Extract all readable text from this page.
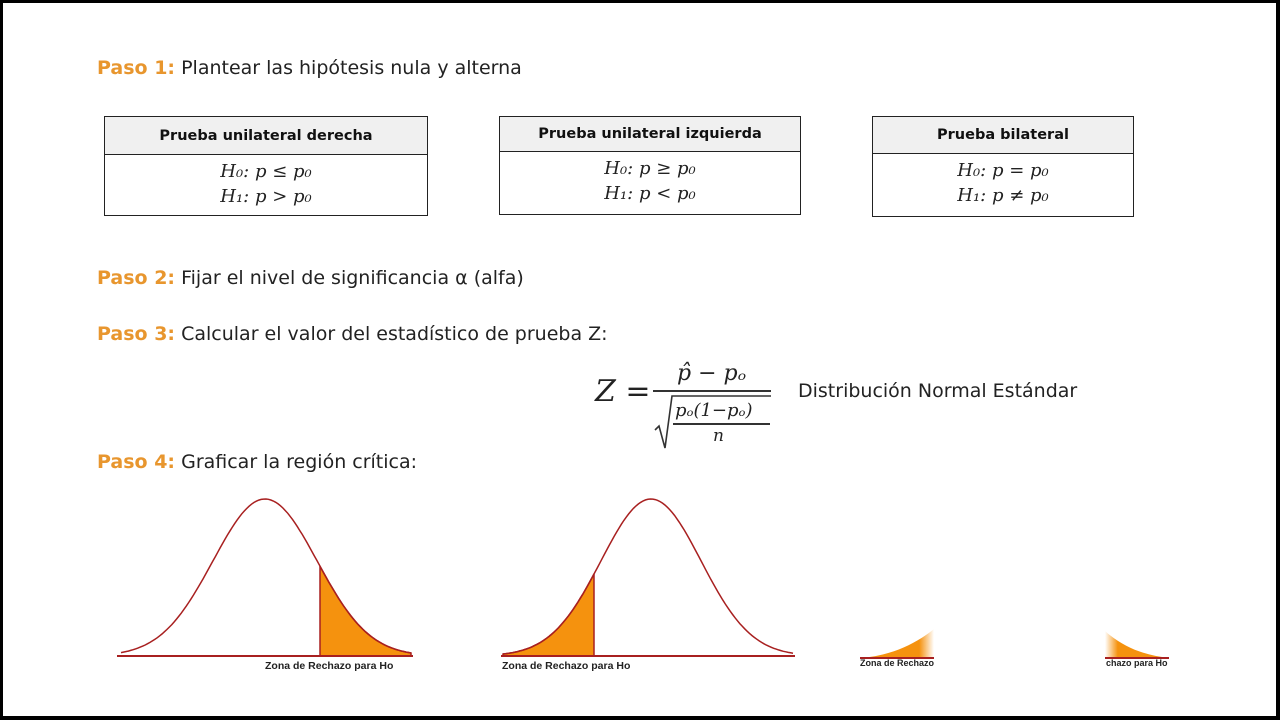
Paso 1: Plantear las hipótesis nula y alterna
Prueba unilateral derecha
H₀: p ≤ p₀
H₁: p > p₀
Prueba unilateral izquierda
H₀: p ≥ p₀
H₁: p < p₀
Prueba bilateral
H₀: p = p₀
H₁: p ≠ p₀
Paso 2: Fijar el nivel de significancia α (alfa)
Paso 3: Calcular el valor del estadístico de prueba Z:
Z =
p̂ − pₒ
pₒ(1−pₒ)
n
Distribución Normal Estándar
Paso 4: Graficar la región crítica:
Zona de Rechazo para Ho	Zona de Rechazo para Ho	Zona de Rechazo	chazo para Ho
